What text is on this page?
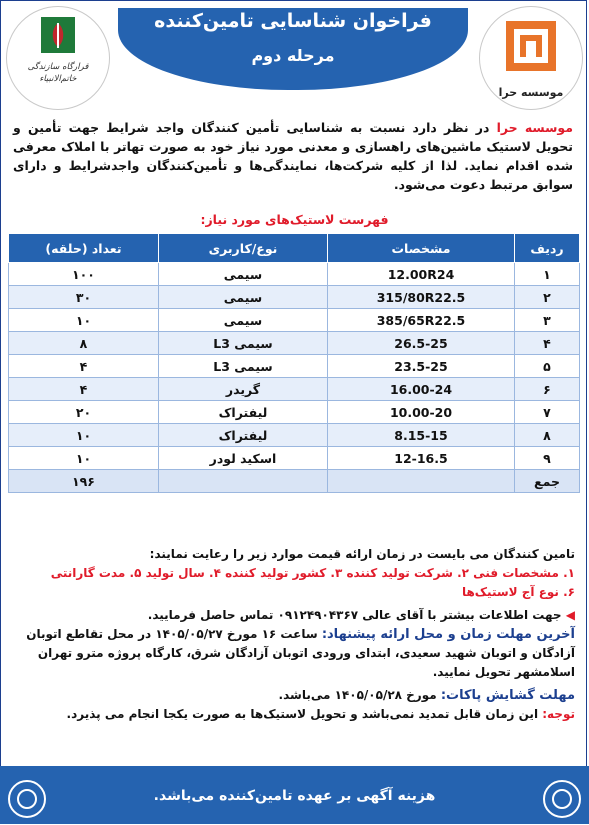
فراخوان شناسایی تامین‌کننده
مرحله دوم
موسسه حرا
قرارگاه سازندگی خاتم‌الانبیاء
موسسه حرا در نظر دارد نسبت به شناسایی تأمین کنندگان واجد شرایط جهت تأمین و تحویل لاستیک ماشین‌های راهسازی و معدنی مورد نیاز خود به صورت تهاتر با املاک معرفی شده اقدام نماید. لذا از کلیه شرکت‌ها، نمایندگی‌ها و تأمین‌کنندگان واجدشرایط و دارای سوابق مرتبط دعوت می‌شود.
فهرست لاستیک‌های مورد نیاز:
ردیف	مشخصات	نوع/کاربری	تعداد (حلقه)
۱	12.00R24	سیمی	۱۰۰
۲	315/80R22.5	سیمی	۳۰
۳	385/65R22.5	سیمی	۱۰
۴	26.5-25	سیمی L3	۸
۵	23.5-25	سیمی L3	۴
۶	16.00-24	گریدر	۴
۷	10.00-20	لیفتراک	۲۰
۸	8.15-15	لیفتراک	۱۰
۹	12-16.5	اسکید لودر	۱۰
جمع			۱۹۶

تامین کنندگان می بایست در زمان ارائه قیمت موارد زیر را رعایت نمایند:

۱. مشخصات فنی ۲. شرکت تولید کننده ۳. کشور تولید کننده ۴. سال تولید ۵. مدت گارانتی

۶. نوع آج لاستیک‌ها

◀ جهت اطلاعات بیشتر با آقای عالی ۰۹۱۲۴۹۰۴۳۶۷ تماس حاصل فرمایید.

آخرین مهلت زمان و محل ارائه پیشنهاد: ساعت ۱۶ مورخ ۱۴۰۵/۰۵/۲۷ در محل تقاطع اتوبان آزادگان و اتوبان شهید سعیدی، ابتدای ورودی اتوبان آزادگان شرق، کارگاه پروژه مترو تهران اسلامشهر تحویل نمایید.

مهلت گشایش پاکات: مورخ ۱۴۰۵/۰۵/۲۸ می‌باشد.

توجه: این زمان قابل تمدید نمی‌باشد و تحویل لاستیک‌ها به صورت یکجا انجام می پذیرد.

هزینه آگهی بر عهده تامین‌کننده می‌باشد.
